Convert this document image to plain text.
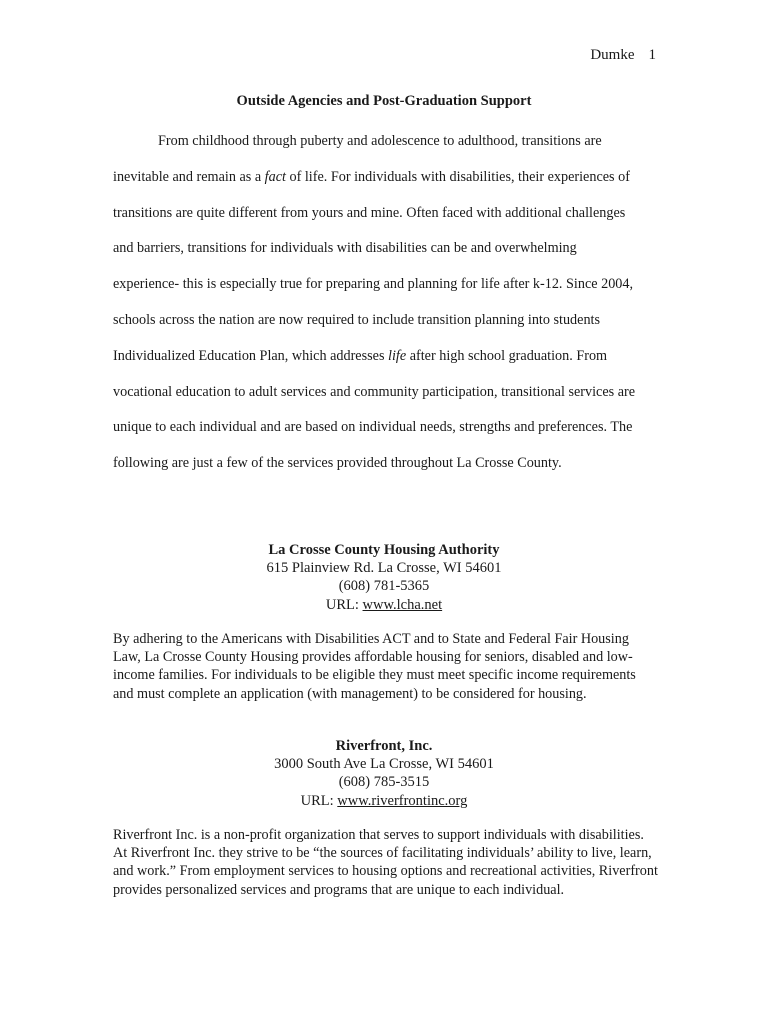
Dumke 1
Outside Agencies and Post-Graduation Support

From childhood through puberty and adolescence to adulthood, transitions are inevitable and remain as a fact of life. For individuals with disabilities, their experiences of transitions are quite different from yours and mine. Often faced with additional challenges and barriers, transitions for individuals with disabilities can be and overwhelming experience- this is especially true for preparing and planning for life after k-12. Since 2004, schools across the nation are now required to include transition planning into students Individualized Education Plan, which addresses life after high school graduation. From vocational education to adult services and community participation, transitional services are unique to each individual and are based on individual needs, strengths and preferences. The following are just a few of the services provided throughout La Crosse County.

La Crosse County Housing Authority
615 Plainview Rd. La Crosse, WI 54601
(608) 781-5365
URL: www.lcha.net

By adhering to the Americans with Disabilities ACT and to State and Federal Fair Housing Law, La Crosse County Housing provides affordable housing for seniors, disabled and low-income families. For individuals to be eligible they must meet specific income requirements and must complete an application (with management) to be considered for housing.

Riverfront, Inc.
3000 South Ave La Crosse, WI 54601
(608) 785-3515
URL: www.riverfrontinc.org

Riverfront Inc. is a non-profit organization that serves to support individuals with disabilities. At Riverfront Inc. they strive to be “the sources of facilitating individuals’ ability to live, learn, and work.” From employment services to housing options and recreational activities, Riverfront provides personalized services and programs that are unique to each individual.
